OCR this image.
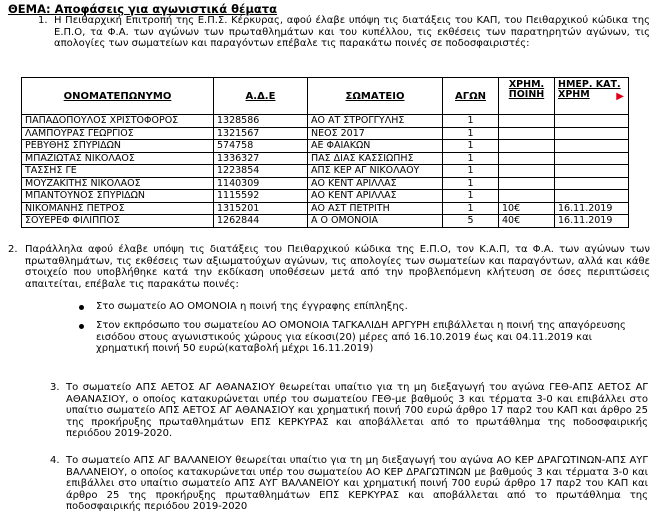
ΘΕΜΑ: Αποφάσεις για αγωνιστικά θέματα
1. Η Πειθαρχική Επιτροπή της Ε.Π.Σ. Κέρκυρας, αφού έλαβε υπόψη τις διατάξεις του ΚΑΠ, του Πειθαρχικού κώδικα της Ε.Π.Ο, τα Φ.Α. των αγώνων των πρωταθλημάτων και του κυπέλλου, τις εκθέσεις των παρατηρητών αγώνων, τις απολογίες των σωματείων και παραγόντων επέβαλε τις παρακάτω ποινές σε ποδοσφαιριστές:
ΟΝΟΜΑΤΕΠΩΝΥΜΟ	Α.Δ.Ε	ΣΩΜΑΤΕΙΟ	ΑΓΩΝ	ΧΡΗΜ. ΠΟΙΝΗ	ΗΜΕΡ. ΚΑΤ. ΧΡΗΜ ▶

ΠΑΠΑΔΟΠΟΥΛΟΣ ΧΡΙΣΤΟΦΟΡΟΣ	1328586	ΑΟ ΑΤ ΣΤΡΟΓΓΥΛΗΣ	1		
ΛΑΜΠΟΥΡΑΣ ΓΕΩΡΓΙΟΣ	1321567	ΝΕΟΣ 2017	1		
ΡΕΒΥΘΗΣ ΣΠΥΡΙΔΩΝ	574758	ΑΕ ΦΑΙΑΚΩΝ	1		
ΜΠΑΖΙΩΤΑΣ ΝΙΚΟΛΑΟΣ	1336327	ΠΑΣ ΔΙΑΣ ΚΑΣΣΙΩΠΗΣ	1		
ΤΑΣΣΗΣ ΓΕ	1223854	ΑΠΣ ΚΕΡ ΑΓ ΝΙΚΟΛΑΟΥ	1		
ΜΟΥΖΑΚΙΤΗΣ ΝΙΚΟΛΑΟΣ	1140309	ΑΟ ΚΕΝΤ ΑΡΙΛΛΑΣ	1		
ΜΠΑΝΤΟΥΝΟΣ ΣΠΥΡΙΔΩΝ	1115592	ΑΟ ΚΕΝΤ ΑΡΙΛΛΑΣ	1		
ΝΙΚΟΜΑΝΗΣ ΠΕΤΡΟΣ	1315201	ΑΟ ΑΣΤ ΠΕΤΡΙΤΗ	1	10€	16.11.2019
ΣΟΥΕΡΕΦ ΦΙΛΙΠΠΟΣ	1262844	Α Ο ΟΜΟΝΟΙΑ	5	40€	16.11.2019
2. Παράλληλα αφού έλαβε υπόψη τις διατάξεις του Πειθαρχικού κώδικα της Ε.Π.Ο, τον Κ.Α.Π, τα Φ.Α. των αγώνων των πρωταθλημάτων, τις εκθέσεις των αξιωματούχων αγώνων, τις απολογίες των σωματείων και παραγόντων, αλλά και κάθε στοιχείο που υποβλήθηκε κατά την εκδίκαση υποθέσεων μετά από την προβλεπόμενη κλήτευση σε όσες περιπτώσεις απαιτείται, επέβαλε τις παρακάτω ποινές:
Στο σωματείο ΑΟ ΟΜΟΝΟΙΑ η ποινή της έγγραφης επίπληξης.
Στον εκπρόσωπο του σωματείου ΑΟ ΟΜΟΝΟΙΑ ΤΑΓΚΑΛΙΔΗ ΑΡΓΥΡΗ επιβάλλεται η ποινή της απαγόρευσης εισόδου στους αγωνιστικούς χώρους για είκοσι(20) μέρες από 16.10.2019 έως και 04.11.2019 και χρηματική ποινή 50 ευρώ(καταβολή μέχρι 16.11.2019)
3. Το σωματείο ΑΠΣ ΑΕΤΟΣ ΑΓ ΑΘΑΝΑΣΙΟΥ θεωρείται υπαίτιο για τη μη διεξαγωγή του αγώνα ΓΕΘ-ΑΠΣ ΑΕΤΟΣ ΑΓ ΑΘΑΝΑΣΙΟΥ, ο οποίος κατακυρώνεται υπέρ του σωματείου ΓΕΘ-με βαθμούς 3 και τέρματα 3-0 και επιβάλλει στο υπαίτιο σωματείο ΑΠΣ ΑΕΤΟΣ ΑΓ ΑΘΑΝΑΣΙΟΥ και χρηματική ποινή 700 ευρώ άρθρο 17 παρ2 του ΚΑΠ και άρθρο 25 της προκήρυξης πρωταθλημάτων ΕΠΣ ΚΕΡΚΥΡΑΣ και αποβάλλεται από το πρωτάθλημα της ποδοσφαιρικής περιόδου 2019-2020.
4. Το σωματείο ΑΠΣ ΑΓ ΒΑΛΑΝΕΙΟΥ θεωρείται υπαίτιο για τη μη διεξαγωγή του αγώνα ΑΟ ΚΕΡ ΔΡΑΓΩΤΙΝΩΝ-ΑΠΣ ΑΥΓ ΒΑΛΑΝΕΙΟΥ, ο οποίος κατακυρώνεται υπέρ του σωματείου ΑΟ ΚΕΡ ΔΡΑΓΩΤΙΝΩΝ με βαθμούς 3 και τέρματα 3-0 και επιβάλλει στο υπαίτιο σωματείο ΑΠΣ ΑΥΓ ΒΑΛΑΝΕΙΟΥ και χρηματική ποινή 700 ευρώ άρθρο 17 παρ2 του ΚΑΠ και άρθρο 25 της προκήρυξης πρωταθλημάτων ΕΠΣ ΚΕΡΚΥΡΑΣ και αποβάλλεται από το πρωτάθλημα της ποδοσφαιρικής περιόδου 2019-2020
